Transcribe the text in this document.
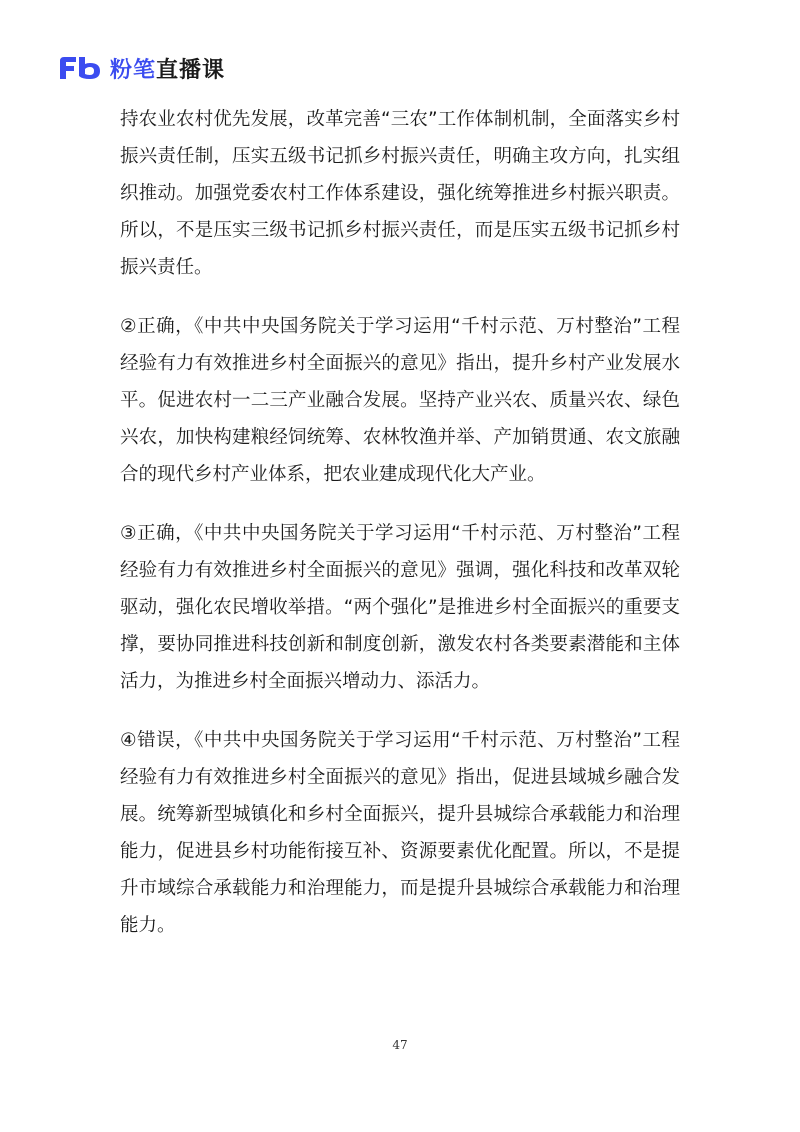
粉笔 直播课

持农业农村优先发展，改革完善“三农”工作体制机制，全面落实乡村振兴责任制，压实五级书记抓乡村振兴责任，明确主攻方向，扎实组织推动。加强党委农村工作体系建设，强化统筹推进乡村振兴职责。所以，不是压实三级书记抓乡村振兴责任，而是压实五级书记抓乡村振兴责任。

②正确，《中共中央国务院关于学习运用“千村示范、万村整治”工程经验有力有效推进乡村全面振兴的意见》指出，提升乡村产业发展水平。促进农村一二三产业融合发展。坚持产业兴农、质量兴农、绿色兴农，加快构建粮经饲统筹、农林牧渔并举、产加销贯通、农文旅融合的现代乡村产业体系，把农业建成现代化大产业。

③正确，《中共中央国务院关于学习运用“千村示范、万村整治”工程经验有力有效推进乡村全面振兴的意见》强调，强化科技和改革双轮驱动，强化农民增收举措。“两个强化”是推进乡村全面振兴的重要支撑，要协同推进科技创新和制度创新，激发农村各类要素潜能和主体活力，为推进乡村全面振兴增动力、添活力。

④错误，《中共中央国务院关于学习运用“千村示范、万村整治”工程经验有力有效推进乡村全面振兴的意见》指出，促进县域城乡融合发展。统筹新型城镇化和乡村全面振兴，提升县城综合承载能力和治理能力，促进县乡村功能衔接互补、资源要素优化配置。所以，不是提升市域综合承载能力和治理能力，而是提升县城综合承载能力和治理能力。

47
